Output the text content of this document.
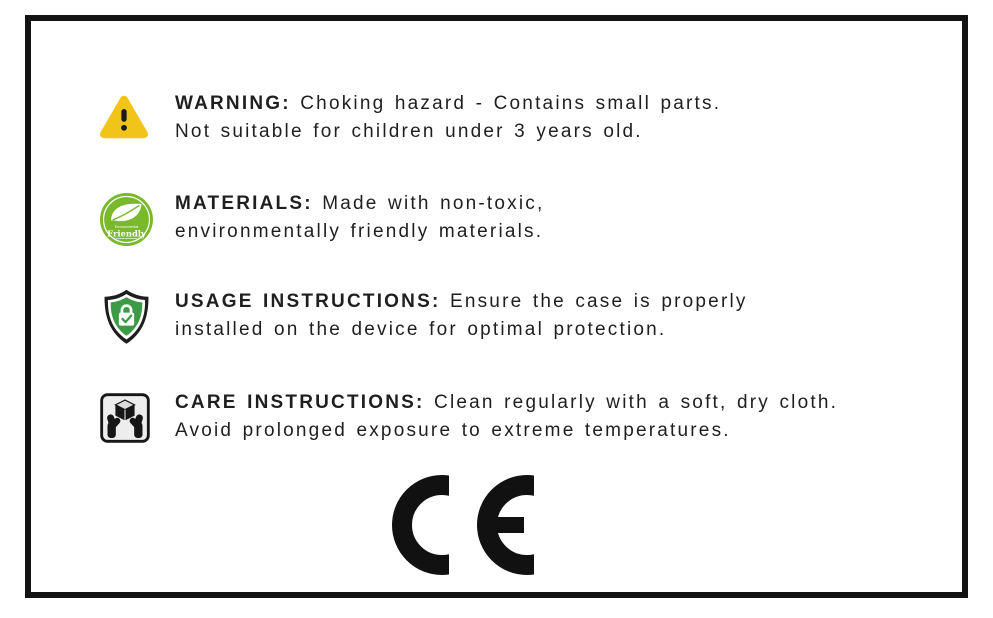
WARNING: Choking hazard - Contains small parts.

Not suitable for children under 3 years old.

Environmental
Friendly

MATERIALS: Made with non-toxic,

environmentally friendly materials.

USAGE INSTRUCTIONS: Ensure the case is properly

installed on the device for optimal protection.

CARE INSTRUCTIONS: Clean regularly with a soft, dry cloth.

Avoid prolonged exposure to extreme temperatures.
